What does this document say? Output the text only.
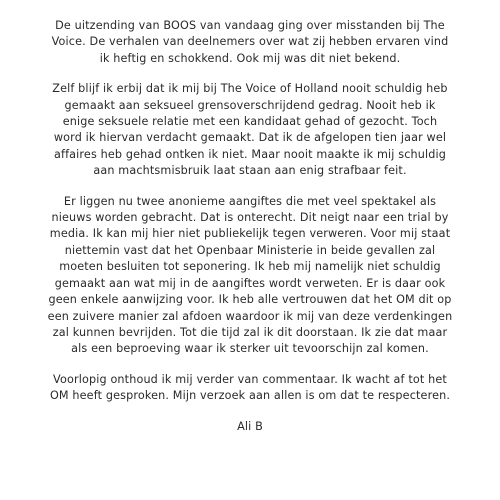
De uitzending van BOOS van vandaag ging over misstanden bij The
Voice. De verhalen van deelnemers over wat zij hebben ervaren vind
ik heftig en schokkend. Ook mij was dit niet bekend.

Zelf blijf ik erbij dat ik mij bij The Voice of Holland nooit schuldig heb
gemaakt aan seksueel grensoverschrijdend gedrag. Nooit heb ik
enige seksuele relatie met een kandidaat gehad of gezocht. Toch
word ik hiervan verdacht gemaakt. Dat ik de afgelopen tien jaar wel
affaires heb gehad ontken ik niet. Maar nooit maakte ik mij schuldig
aan machtsmisbruik laat staan aan enig strafbaar feit.

Er liggen nu twee anonieme aangiftes die met veel spektakel als
nieuws worden gebracht. Dat is onterecht. Dit neigt naar een trial by
media. Ik kan mij hier niet publiekelijk tegen verweren. Voor mij staat
niettemin vast dat het Openbaar Ministerie in beide gevallen zal
moeten besluiten tot seponering. Ik heb mij namelijk niet schuldig
gemaakt aan wat mij in de aangiftes wordt verweten. Er is daar ook
geen enkele aanwijzing voor. Ik heb alle vertrouwen dat het OM dit op
een zuivere manier zal afdoen waardoor ik mij van deze verdenkingen
zal kunnen bevrijden. Tot die tijd zal ik dit doorstaan. Ik zie dat maar
als een beproeving waar ik sterker uit tevoorschijn zal komen.

Voorlopig onthoud ik mij verder van commentaar. Ik wacht af tot het
OM heeft gesproken. Mijn verzoek aan allen is om dat te respecteren.

Ali B
